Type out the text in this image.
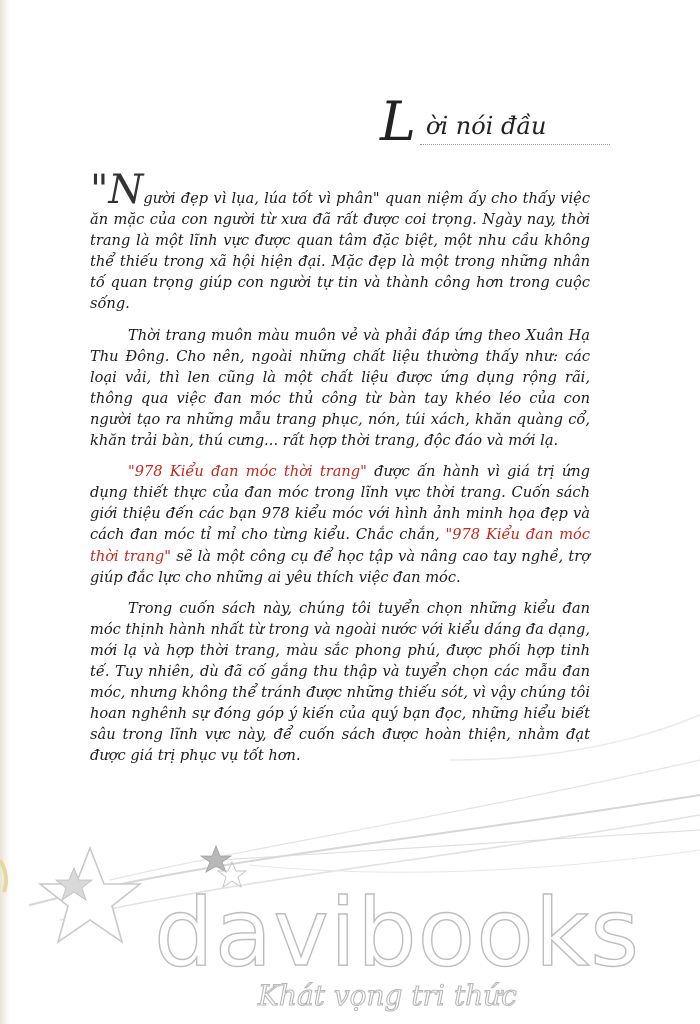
L ời nói đầu

"Người đẹp vì lụa, lúa tốt vì phân" quan niệm ấy cho thấy việc ăn mặc của con người từ xưa đã rất được coi trọng. Ngày nay, thời trang là một lĩnh vực được quan tâm đặc biệt, một nhu cầu không thể thiếu trong xã hội hiện đại. Mặc đẹp là một trong những nhân tố quan trọng giúp con người tự tin và thành công hơn trong cuộc sống.

Thời trang muôn màu muôn vẻ và phải đáp ứng theo Xuân Hạ Thu Đông. Cho nên, ngoài những chất liệu thường thấy như: các loại vải, thì len cũng là một chất liệu được ứng dụng rộng rãi, thông qua việc đan móc thủ công từ bàn tay khéo léo của con người tạo ra những mẫu trang phục, nón, túi xách, khăn quàng cổ, khăn trải bàn, thú cưng... rất hợp thời trang, độc đáo và mới lạ.

"978 Kiểu đan móc thời trang" được ấn hành vì giá trị ứng dụng thiết thực của đan móc trong lĩnh vực thời trang. Cuốn sách giới thiệu đến các bạn 978 kiểu móc với hình ảnh minh họa đẹp và cách đan móc tỉ mỉ cho từng kiểu. Chắc chắn, "978 Kiểu đan móc thời trang" sẽ là một công cụ để học tập và nâng cao tay nghề, trợ giúp đắc lực cho những ai yêu thích việc đan móc.

Trong cuốn sách này, chúng tôi tuyển chọn những kiểu đan móc thịnh hành nhất từ trong và ngoài nước với kiểu dáng đa dạng, mới lạ và hợp thời trang, màu sắc phong phú, được phối hợp tinh tế. Tuy nhiên, dù đã cố gắng thu thập và tuyển chọn các mẫu đan móc, nhưng không thể tránh được những thiếu sót, vì vậy chúng tôi hoan nghênh sự đóng góp ý kiến của quý bạn đọc, những hiểu biết sâu trong lĩnh vực này, để cuốn sách được hoàn thiện, nhằm đạt được giá trị phục vụ tốt hơn.

davibooks
Khát vọng tri thức
